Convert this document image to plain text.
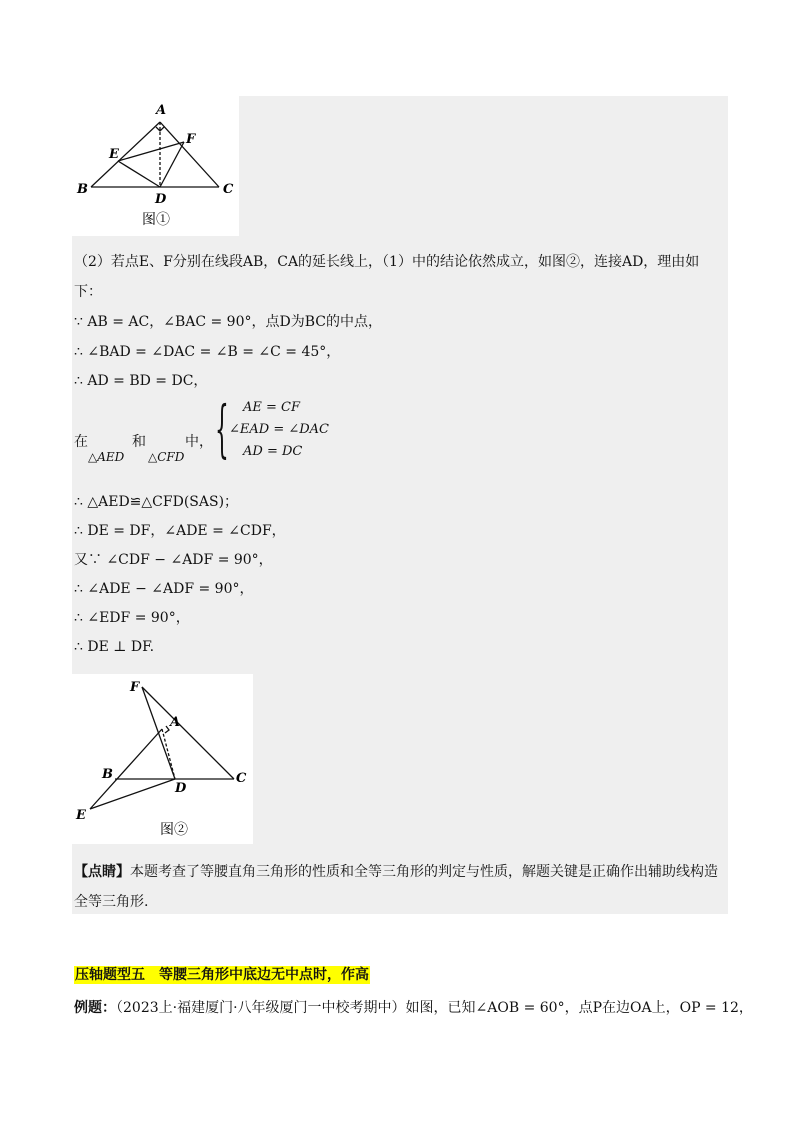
A
B	C
D
E
F
图①
（2）若点E、F分别在线段AB，CA的延长线上，（1）中的结论依然成立，如图②，连接AD，理由如
下：
∵ AB = AC，∠BAC = 90°，点D为BC的中点，
∴ ∠BAD = ∠DAC = ∠B = ∠C = 45°，
∴ AD = BD = DC，
在
△AED
和
△CFD
中， { AE = CF
∠EAD = ∠DAC
AD = DC
∴ △AED≌△CFD(SAS)；
∴ DE = DF，∠ADE = ∠CDF，
又∵ ∠CDF − ∠ADF = 90°，
∴ ∠ADE − ∠ADF = 90°，
∴ ∠EDF = 90°，
∴ DE ⊥ DF.
F
A
B	C
D
E
图②
【点睛】本题考查了等腰直角三角形的性质和全等三角形的判定与性质，解题关键是正确作出辅助线构造全等三角形.
压轴题型五　等腰三角形中底边无中点时，作高
例题：（2023上·福建厦门·八年级厦门一中校考期中）如图，已知∠AOB = 60°，点P在边OA上，OP = 12，
